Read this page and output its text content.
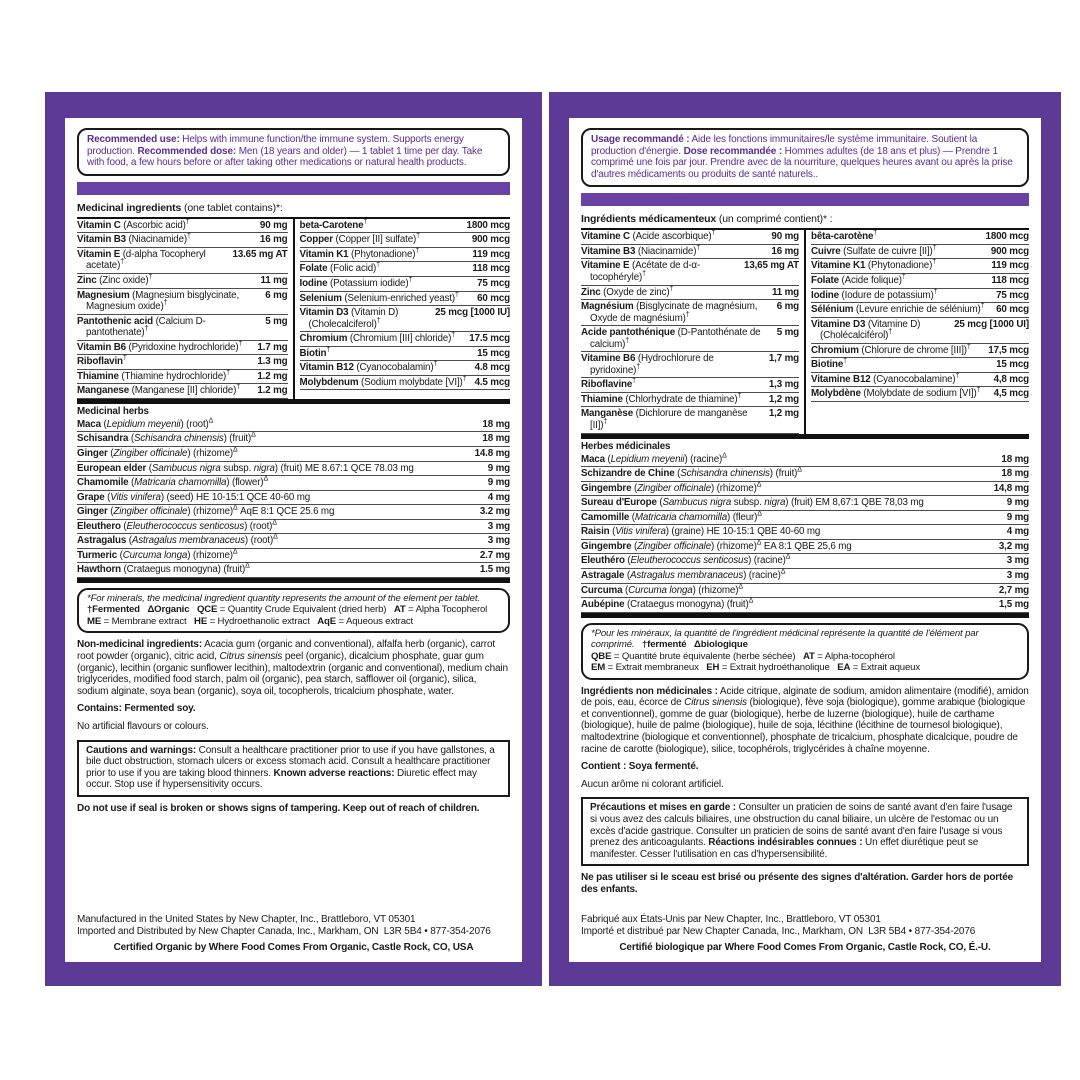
Recommended use: Helps with immune function/the immune system. Supports energy production. Recommended dose: Men (18 years and older) — 1 tablet 1 time per day. Take with food, a few hours before or after taking other medications or natural health products.

Medicinal ingredients (one tablet contains)*:
Vitamin C (Ascorbic acid)†	90 mg
Vitamin B3 (Niacinamide)†	16 mg
Vitamin E (d-alpha Tocopheryl acetate)†
13.65 mg AT
Zinc (Zinc oxide)†	11 mg
Magnesium (Magnesium bisglycinate, Magnesium oxide)†
6 mg
Pantothenic acid (Calcium D-pantothenate)†
5 mg
Vitamin B6 (Pyridoxine hydrochloride)†	1.7 mg
Riboflavin†	1.3 mg
Thiamine (Thiamine hydrochloride)†	1.2 mg
Manganese (Manganese [II] chloride)†	1.2 mg
beta-Carotene†	1800 mcg
Copper (Copper [II] sulfate)†	900 mcg
Vitamin K1 (Phytonadione)†	119 mcg
Folate (Folic acid)†	118 mcg
Iodine (Potassium iodide)†	75 mcg
Selenium (Selenium-enriched yeast)†	60 mcg
Vitamin D3 (Vitamin D) (Cholecalciferol)†
25 mcg [1000 IU]
Chromium (Chromium [III] chloride)†	17.5 mcg
Biotin†	15 mcg
Vitamin B12 (Cyanocobalamin)†	4.8 mcg
Molybdenum (Sodium molybdate [VI])† 4.5 mcg
Medicinal herbs
Maca (Lepidium meyenii) (root)$^\Delta$	18 mg
Schisandra (Schisandra chinensis) (fruit)$^\Delta$	18 mg
Ginger (Zingiber officinale) (rhizome)$^\Delta$	14.8 mg
European elder (Sambucus nigra subsp. nigra) (fruit) ME 8.67:1 QCE 78.03 mg	9 mg
Chamomile (Matricaria chamomilla) (flower)$^\Delta$	9 mg
Grape (Vitis vinifera) (seed) HE 10-15:1 QCE 40-60 mg	4 mg
Ginger (Zingiber officinale) (rhizome)$^\Delta$ AqE 8:1 QCE 25.6 mg	3.2 mg
Eleuthero (Eleutherococcus senticosus) (root)$^\Delta$	3 mg
Astragalus (Astragalus membranaceus) (root)$^\Delta$	3 mg
Turmeric (Curcuma longa) (rhizome)$^\Delta$	2.7 mg
Hawthorn (Crataegus monogyna) (fruit)$^\Delta$	1.5 mg

*For minerals, the medicinal ingredient quantity represents the amount of the element per tablet.
†Fermented ΔOrganic QCE = Quantity Crude Equivalent (dried herb)   AT = Alpha Tocopherol
ME = Membrane extract   HE = Hydroethanolic extract   AqE = Aqueous extract

Non-medicinal ingredients: Acacia gum (organic and conventional), alfalfa herb (organic), carrot root powder (organic), citric acid, Citrus sinensis peel (organic), dicalcium phosphate, guar gum (organic), lecithin (organic sunflower lecithin), maltodextrin (organic and conventional), medium chain triglycerides, modified food starch, palm oil (organic), pea starch, safflower oil (organic), silica, sodium alginate, soya bean (organic), soya oil, tocopherols, tricalcium phosphate, water.

Contains: Fermented soy.

No artificial flavours or colours.

Cautions and warnings: Consult a healthcare practitioner prior to use if you have gallstones, a bile duct obstruction, stomach ulcers or excess stomach acid. Consult a healthcare practitioner prior to use if you are taking blood thinners. Known adverse reactions: Diuretic effect may occur. Stop use if hypersensitivity occurs.

Do not use if seal is broken or shows signs of tampering. Keep out of reach of children.

Manufactured in the United States by New Chapter, Inc., Brattleboro, VT 05301
Imported and Distributed by New Chapter Canada, Inc., Markham, ON  L3R 5B4 • 877-354-2076

Certified Organic by Where Food Comes From Organic, Castle Rock, CO, USA

Usage recommandé : Aide les fonctions immunitaires/le système immunitaire. Soutient la production d'énergie. Dose recommandée : Hommes adultes (de 18 ans et plus) — Prendre 1 comprimé une fois par jour. Prendre avec de la nourriture, quelques heures avant ou après la prise d'autres médicaments ou produits de santé naturels..

Ingrédients médicamenteux (un comprimé contient)* :
Vitamine C (Acide ascorbique)†	90 mg
Vitamine B3 (Niacinamide)†	16 mg
Vitamine E (Acétate de d-α-tocophéryle)†
13,65 mg AT
Zinc (Oxyde de zinc)†	11 mg
Magnésium (Bisglycinate de magnésium, Oxyde de magnésium)†
6 mg
Acide pantothénique (D-Pantothénate de calcium)†
5 mg
Vitamine B6 (Hydrochlorure de pyridoxine)†
1,7 mg
Riboflavine†	1,3 mg
Thiamine (Chlorhydrate de thiamine)†	1,2 mg
Manganèse (Dichlorure de manganèse [II])†
1,2 mg
bêta-carotène†	1800 mcg
Cuivre (Sulfate de cuivre [II])†	900 mcg
Vitamine K1 (Phytonadione)†	119 mcg
Folate (Acide folique)†	118 mcg
Iodine (Iodure de potassium)†	75 mcg
Sélénium (Levure enrichie de sélénium)†	60 mcg
Vitamine D3 (Vitamine D) (Cholécalciférol)†
25 mcg [1000 UI]
Chromium (Chlorure de chrome [III])†	17,5 mcg
Biotine†	15 mcg
Vitamine B12 (Cyanocobalamine)†	4,8 mcg
Molybdène (Molybdate de sodium [VI])†	4,5 mcg
Herbes médicinales
Maca (Lepidium meyenii) (racine)$^\Delta$	18 mg
Schizandre de Chine (Schisandra chinensis) (fruit)$^\Delta$	18 mg
Gingembre (Zingiber officinale) (rhizome)$^\Delta$	14,8 mg
Sureau d'Europe (Sambucus nigra subsp. nigra) (fruit) EM 8,67:1 QBE 78,03 mg	9 mg
Camomille (Matricaria chamomilla) (fleur)$^\Delta$	9 mg
Raisin (Vitis vinifera) (graine) HE 10-15:1 QBE 40-60 mg	4 mg
Gingembre (Zingiber officinale) (rhizome)$^\Delta$ EA 8:1 QBE 25,6 mg	3,2 mg
Eleuthéro (Eleutherococcus senticosus) (racine)$^\Delta$	3 mg
Astragale (Astragalus membranaceus) (racine)$^\Delta$	3 mg
Curcuma (Curcuma longa) (rhizome)$^\Delta$	2,7 mg
Aubépine (Crataegus monogyna) (fruit)$^\Delta$	1,5 mg

*Pour les minéraux, la quantité de l'ingrédient médicinal représente la quantité de l'élément par comprimé. †fermenté Δbiologique
QBE = Quantité brute équivalente (herbe séchée)   AT = Alpha-tocophérol
EM = Extrait membraneux   EH = Extrait hydroéthanolique   EA = Extrait aqueux

Ingrédients non médicinales : Acide citrique, alginate de sodium, amidon alimentaire (modifié), amidon de pois, eau, écorce de Citrus sinensis (biologique), fève soja (biologique), gomme arabique (biologique et conventionnel), gomme de guar (biologique), herbe de luzerne (biologique), huile de carthame (biologique), huile de palme (biologique), huile de soja, lécithine (lécithine de tournesol biologique), maltodextrine (biologique et conventionnel), phosphate de tricalcium, phosphate dicalcique, poudre de racine de carotte (biologique), silice, tocophérols, triglycérides à chaîne moyenne.

Contient : Soya fermenté.

Aucun arôme ni colorant artificiel.

Précautions et mises en garde : Consulter un praticien de soins de santé avant d'en faire l'usage si vous avez des calculs biliaires, une obstruction du canal biliaire, un ulcère de l'estomac ou un excès d'acide gastrique. Consulter un praticien de soins de santé avant d'en faire l'usage si vous prenez des anticoagulants. Réactions indésirables connues : Un effet diurétique peut se manifester. Cesser l'utilisation en cas d'hypersensibilité.

Ne pas utiliser si le sceau est brisé ou présente des signes d'altération. Garder hors de portée des enfants.

Fabriqué aux États-Unis par New Chapter, Inc., Brattleboro, VT 05301
Importé et distribué par New Chapter Canada, Inc., Markham, ON  L3R 5B4 • 877-354-2076

Certifié biologique par Where Food Comes From Organic, Castle Rock, CO, É.-U.
